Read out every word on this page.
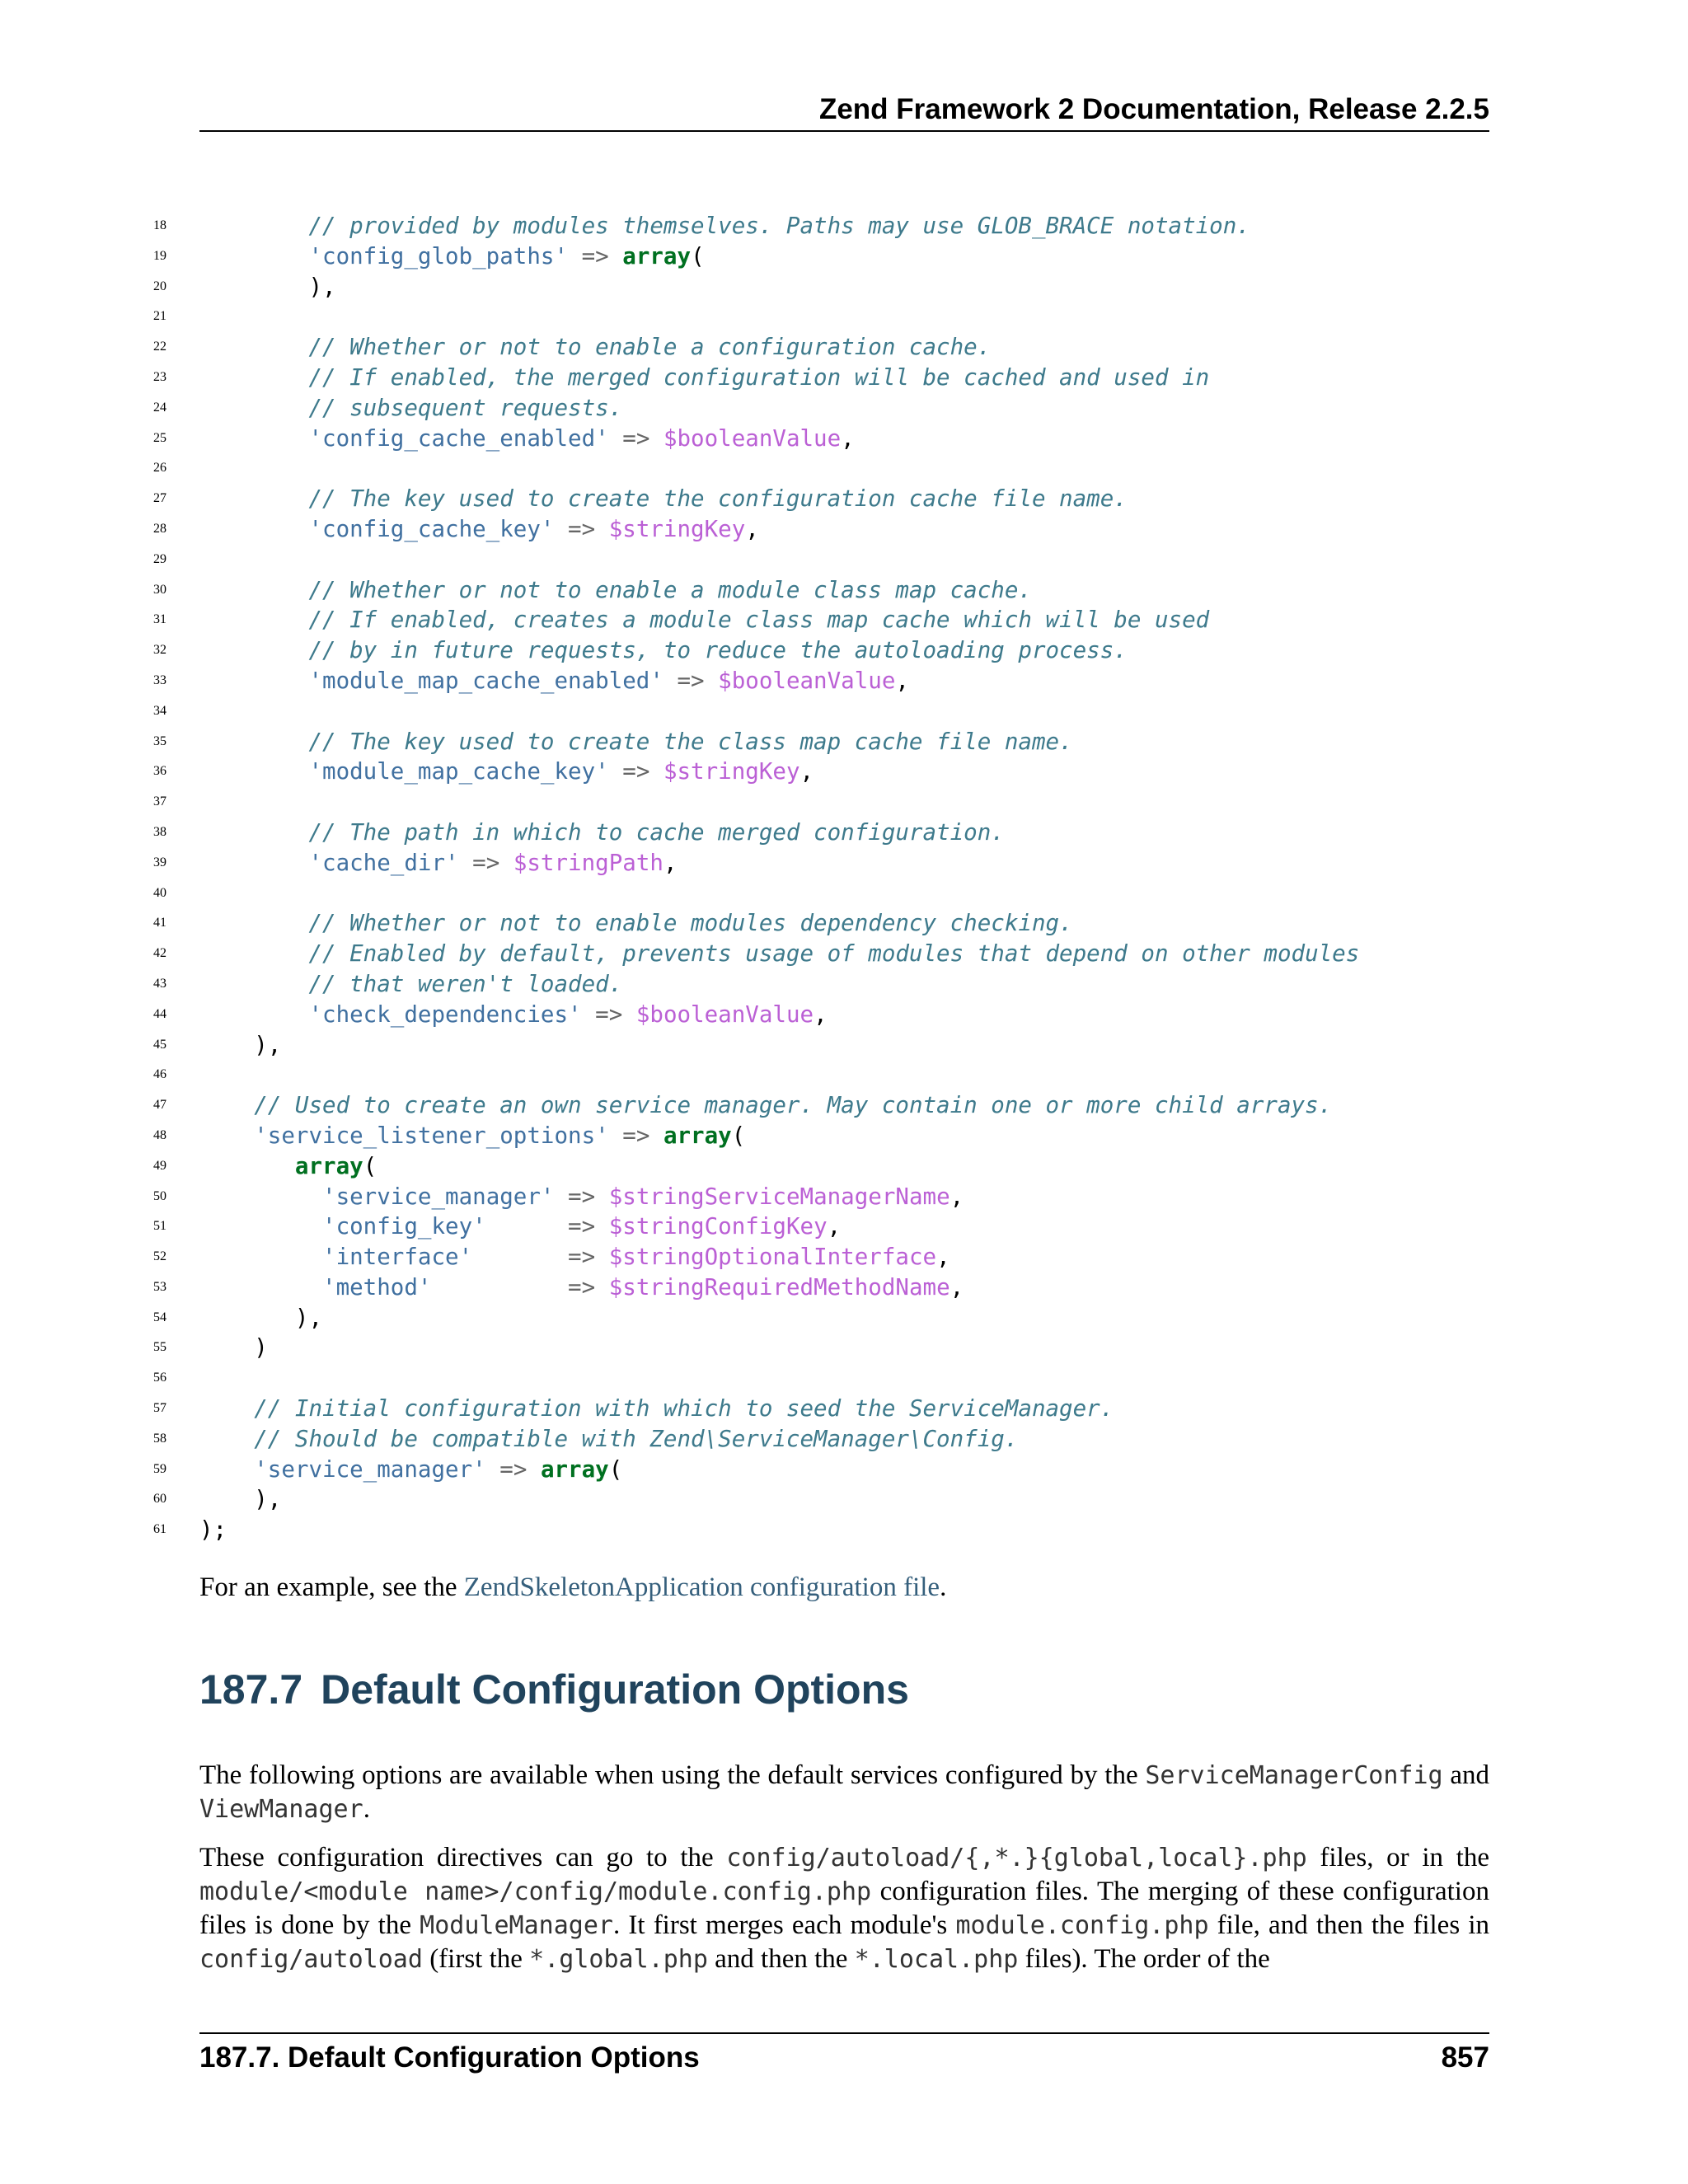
Zend Framework 2 Documentation, Release 2.2.5
18	// provided by modules themselves. Paths may use GLOB_BRACE notation.
19	'config_glob_paths' => array(
20 ),
21
22	// Whether or not to enable a configuration cache.
23	// If enabled, the merged configuration will be cached and used in
24	// subsequent requests.
25	'config_cache_enabled' => $booleanValue,
26
27	// The key used to create the configuration cache file name.
28	'config_cache_key' => $stringKey,
29
30	// Whether or not to enable a module class map cache.
31	// If enabled, creates a module class map cache which will be used
32	// by in future requests, to reduce the autoloading process.
33	'module_map_cache_enabled' => $booleanValue,
34
35	// The key used to create the class map cache file name.
36	'module_map_cache_key' => $stringKey,
37
38	// The path in which to cache merged configuration.
39	'cache_dir' => $stringPath,
40
41	// Whether or not to enable modules dependency checking.
42	// Enabled by default, prevents usage of modules that depend on other modules
43	// that weren't loaded.
44	'check_dependencies' => $booleanValue,
45 ),
46
47	// Used to create an own service manager. May contain one or more child arrays.
48	'service_listener_options' => array(
49	array(
50	'service_manager' => $stringServiceManagerName,
51	'config_key'	=> $stringConfigKey,
52	'interface'	=> $stringOptionalInterface,
53	'method'	=> $stringRequiredMethodName,
54 ),
55 )
56
57	// Initial configuration with which to seed the ServiceManager.
58	// Should be compatible with Zend\ServiceManager\Config.
59	'service_manager' => array(
60 ),
61 );
For an example, see the ZendSkeletonApplication configuration file.
187.7 Default Configuration Options
The following options are available when using the default services configured by the ServiceManagerConfig and ViewManager.
These configuration directives can go to the config/autoload/{,*.}{global,local}.php files, or in the module/<module name>/config/module.config.php configuration files. The merging of these configuration files is done by the ModuleManager. It first merges each module's module.config.php file, and then the files in config/autoload (first the *.global.php and then the *.local.php files). The order of the
187.7. Default Configuration Options	857
